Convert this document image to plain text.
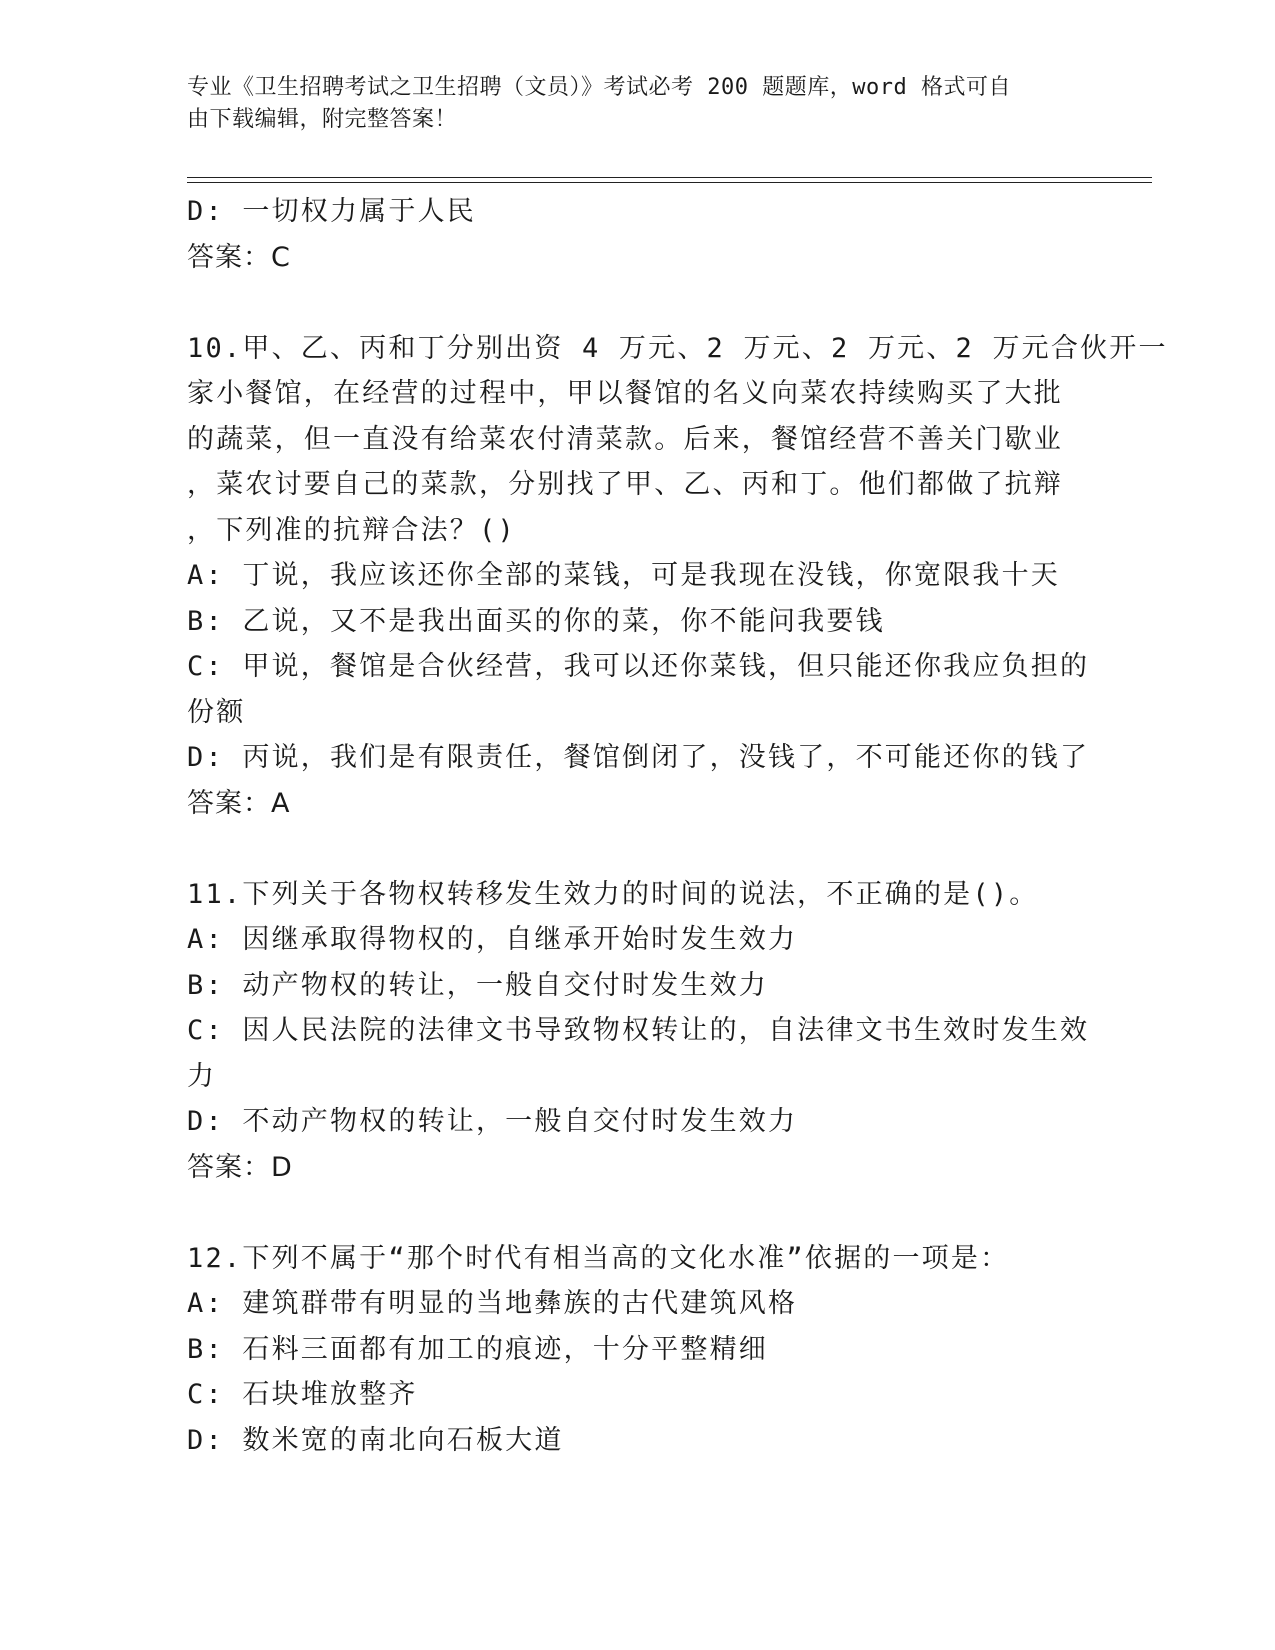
专业《卫生招聘考试之卫生招聘（文员）》考试必考 200 题题库，word 格式可自
由下载编辑，附完整答案！
D: 一切权力属于人民
答案：C
10.甲、乙、丙和丁分别出资 4 万元、2 万元、2 万元、2 万元合伙开一
家小餐馆，在经营的过程中，甲以餐馆的名义向菜农持续购买了大批
的蔬菜，但一直没有给菜农付清菜款。后来，餐馆经营不善关门歇业
，菜农讨要自己的菜款，分别找了甲、乙、丙和丁。他们都做了抗辩
，下列准的抗辩合法？()
A: 丁说，我应该还你全部的菜钱，可是我现在没钱，你宽限我十天
B: 乙说，又不是我出面买的你的菜，你不能问我要钱
C: 甲说，餐馆是合伙经营，我可以还你菜钱，但只能还你我应负担的
份额
D: 丙说，我们是有限责任，餐馆倒闭了，没钱了，不可能还你的钱了
答案：A
11.下列关于各物权转移发生效力的时间的说法，不正确的是()。
A: 因继承取得物权的，自继承开始时发生效力
B: 动产物权的转让，一般自交付时发生效力
C: 因人民法院的法律文书导致物权转让的，自法律文书生效时发生效
力
D: 不动产物权的转让，一般自交付时发生效力
答案：D
12.下列不属于“那个时代有相当高的文化水准”依据的一项是：
A: 建筑群带有明显的当地彝族的古代建筑风格
B: 石料三面都有加工的痕迹，十分平整精细
C: 石块堆放整齐
D: 数米宽的南北向石板大道
